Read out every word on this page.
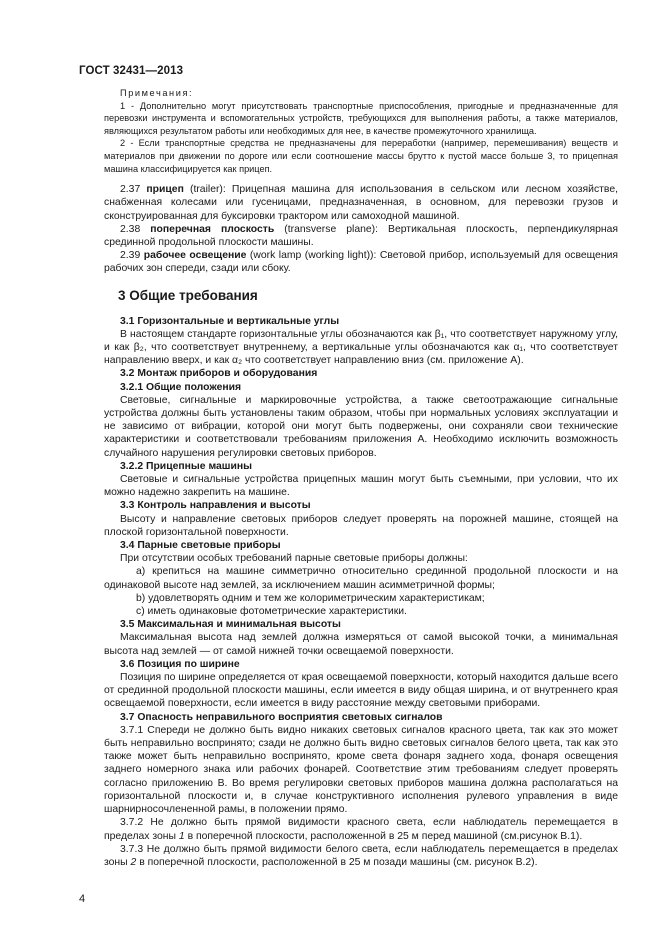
ГОСТ 32431—2013
Примечания:

1 - Дополнительно могут присутствовать транспортные приспособления, пригодные и предназначенные для перевозки инструмента и вспомогательных устройств, требующихся для выполнения работы, а также материалов, являющихся результатом работы или необходимых для нее, в качестве промежуточного хранилища.

2 - Если транспортные средства не предназначены для переработки (например, перемешивания) веществ и материалов при движении по дороге или если соотношение массы брутто к пустой массе больше 3, то прицепная машина классифицируется как прицеп.

2.37 прицеп (trailer): Прицепная машина для использования в сельском или лесном хозяйстве, снабженная колесами или гусеницами, предназначенная, в основном, для перевозки грузов и сконструированная для буксировки трактором или самоходной машиной.

2.38 поперечная плоскость (transverse plane): Вертикальная плоскость, перпендикулярная срединной продольной плоскости машины.

2.39 рабочее освещение (work lamp (working light)): Световой прибор, используемый для освещения рабочих зон спереди, сзади или сбоку.

3 Общие требования

3.1 Горизонтальные и вертикальные углы

В настоящем стандарте горизонтальные углы обозначаются как β₁, что соответствует наружному углу, и как β₂, что соответствует внутреннему, а вертикальные углы обозначаются как α₁, что соответствует направлению вверх, и как α₂ что соответствует направлению вниз (см. приложение А).

3.2 Монтаж приборов и оборудования

3.2.1 Общие положения

Световые, сигнальные и маркировочные устройства, а также светоотражающие сигнальные устройства должны быть установлены таким образом, чтобы при нормальных условиях эксплуатации и не зависимо от вибрации, которой они могут быть подвержены, они сохраняли свои технические характеристики и соответствовали требованиям приложения А. Необходимо исключить возможность случайного нарушения регулировки световых приборов.

3.2.2 Прицепные машины

Световые и сигнальные устройства прицепных машин могут быть съемными, при условии, что их можно надежно закрепить на машине.

3.3 Контроль направления и высоты

Высоту и направление световых приборов следует проверять на порожней машине, стоящей на плоской горизонтальной поверхности.

3.4 Парные световые приборы

При отсутствии особых требований парные световые приборы должны:

а) крепиться на машине симметрично относительно срединной продольной плоскости и на одинаковой высоте над землей, за исключением машин асимметричной формы;

b) удовлетворять одним и тем же колориметрическим характеристикам;

c) иметь одинаковые фотометрические характеристики.

3.5 Максимальная и минимальная высоты

Максимальная высота над землей должна измеряться от самой высокой точки, а минимальная высота над землей — от самой нижней точки освещаемой поверхности.

3.6 Позиция по ширине

Позиция по ширине определяется от края освещаемой поверхности, который находится дальше всего от срединной продольной плоскости машины, если имеется в виду общая ширина, и от внутреннего края освещаемой поверхности, если имеется в виду расстояние между световыми приборами.

3.7 Опасность неправильного восприятия световых сигналов

3.7.1 Спереди не должно быть видно никаких световых сигналов красного цвета, так как это может быть неправильно воспринято; сзади не должно быть видно световых сигналов белого цвета, так как это также может быть неправильно воспринято, кроме света фонаря заднего хода, фонаря освещения заднего номерного знака или рабочих фонарей. Соответствие этим требованиям следует проверять согласно приложению В. Во время регулировки световых приборов машина должна располагаться на горизонтальной плоскости и, в случае конструктивного исполнения рулевого управления в виде шарнирносочлененной рамы, в положении прямо.

3.7.2 Не должно быть прямой видимости красного света, если наблюдатель перемещается в пределах зоны 1 в поперечной плоскости, расположенной в 25 м перед машиной (см.рисунок В.1).

3.7.3 Не должно быть прямой видимости белого света, если наблюдатель перемещается в пределах зоны 2 в поперечной плоскости, расположенной в 25 м позади машины (см. рисунок В.2).

4
